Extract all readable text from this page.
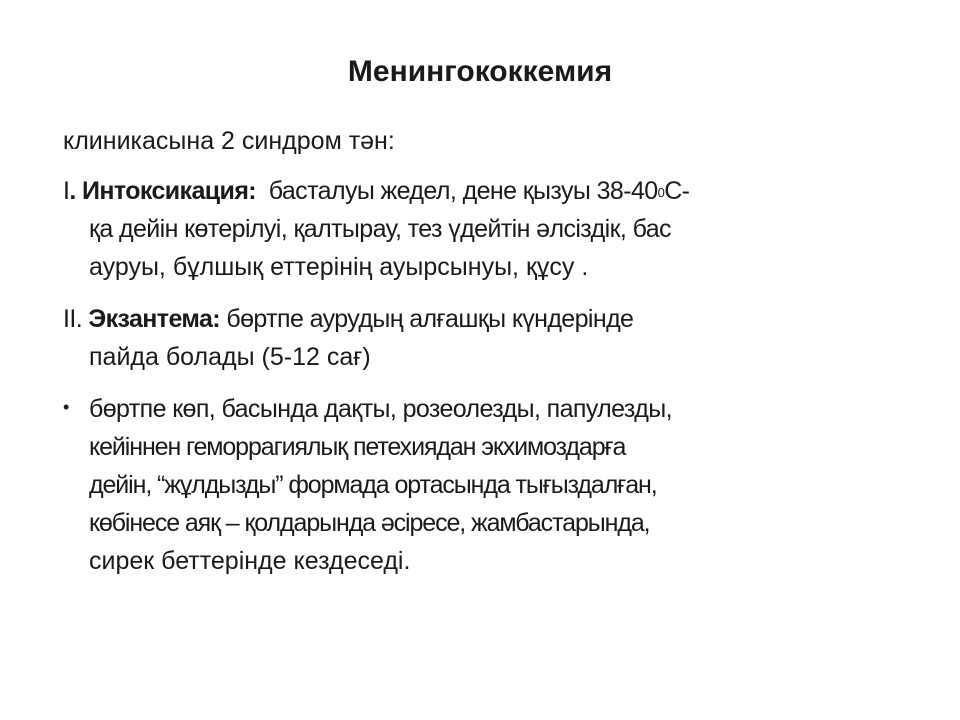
Менингококкемия
клиникасына 2 синдром тән:
I. Интоксикация: басталуы жедел, дене қызуы $38-40^0С-$
қа дейін көтерілуі, қалтырау, тез үдейтін әлсіздік, бас
ауруы, бұлшық еттерінің ауырсынуы, құсу .
II. Экзантема: бөртпе аурудың алғашқы күндерінде
пайда болады (5-12 сағ)
• бөртпе көп, басында дақты, розеолезды, папулезды,
кейіннен геморрагиялық петехиядан экхимоздарға
дейін, “жұлдызды” формада ортасында тығыздалған,
көбінесе аяқ – қолдарында әсіресе, жамбастарында,
сирек беттерінде кездеседі.
